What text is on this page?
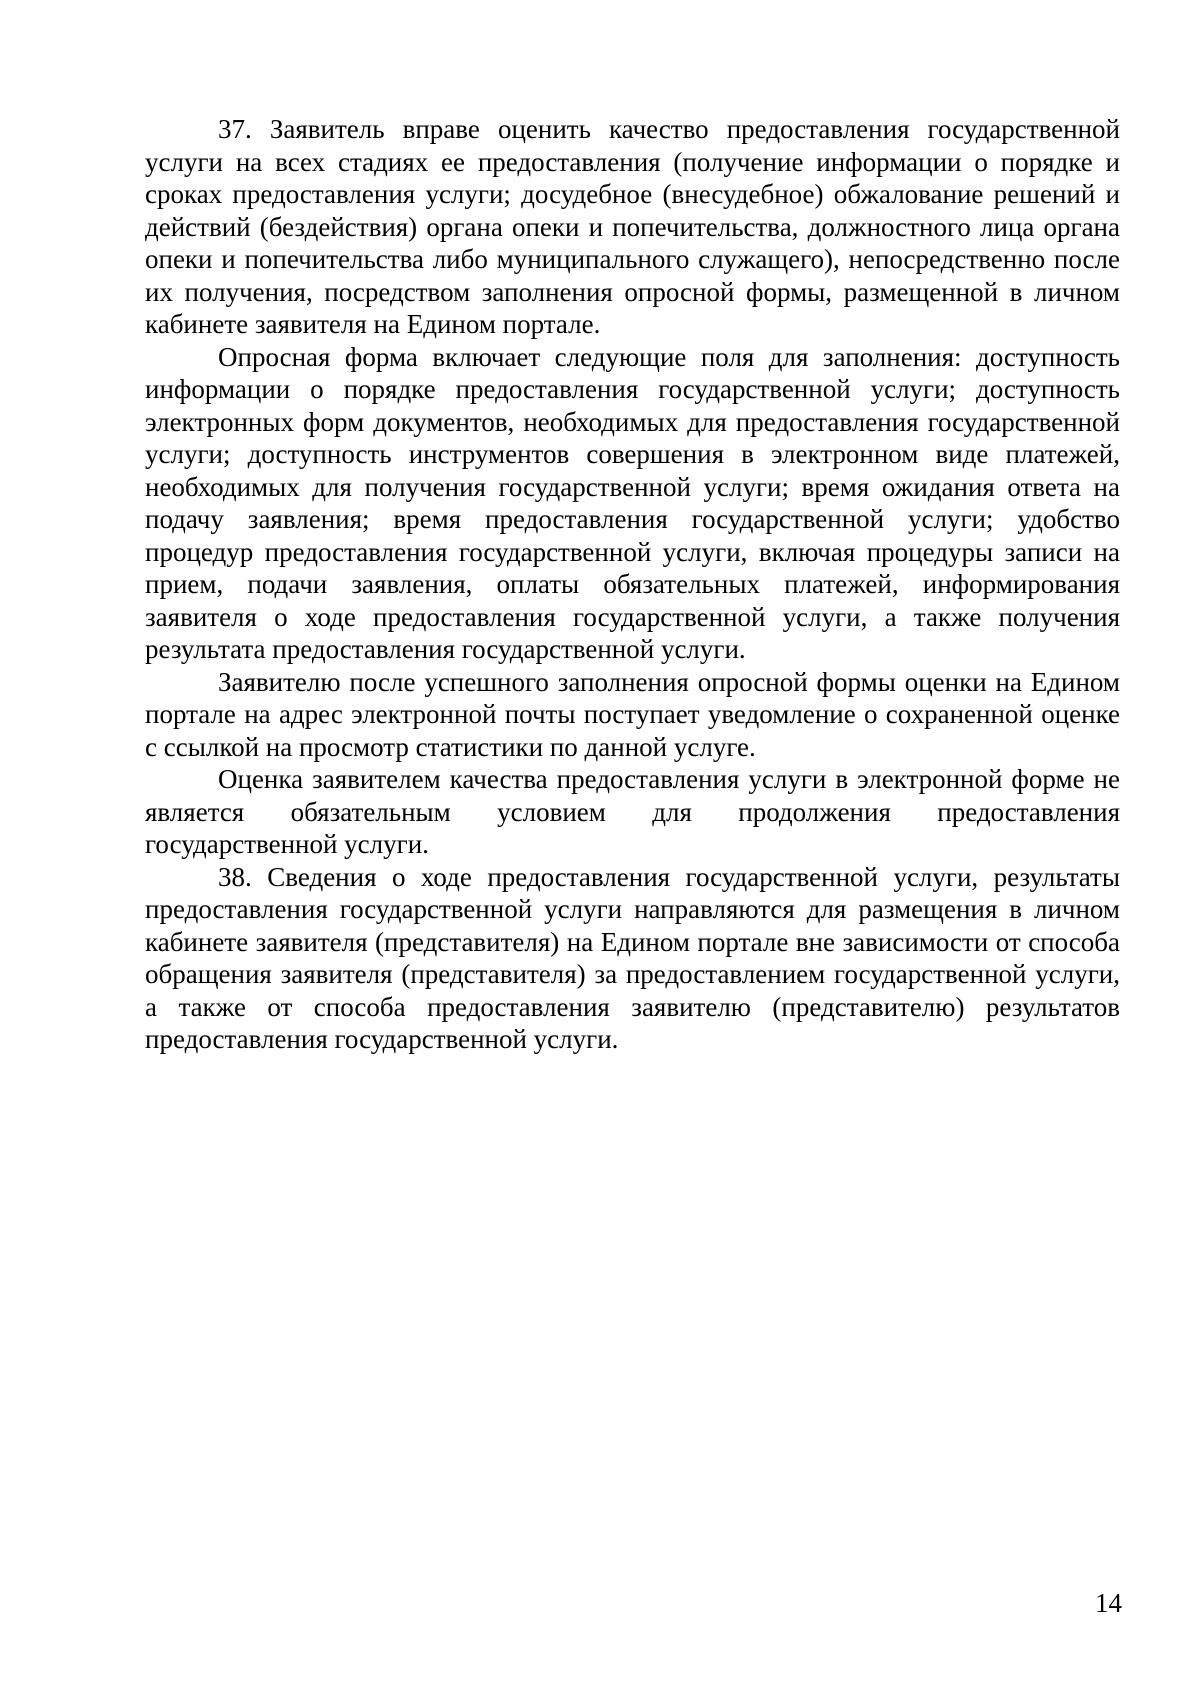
37. Заявитель вправе оценить качество предоставления государственной услуги на всех стадиях ее предоставления (получение информации о порядке и сроках предоставления услуги; досудебное (внесудебное) обжалование решений и действий (бездействия) органа опеки и попечительства, должностного лица органа опеки и попечительства либо муниципального служащего), непосредственно после их получения, посредством заполнения опросной формы, размещенной в личном кабинете заявителя на Едином портале.

Опросная форма включает следующие поля для заполнения: доступность информации о порядке предоставления государственной услуги; доступность электронных форм документов, необходимых для предоставления государственной услуги; доступность инструментов совершения в электронном виде платежей, необходимых для получения государственной услуги; время ожидания ответа на подачу заявления; время предоставления государственной услуги; удобство процедур предоставления государственной услуги, включая процедуры записи на прием, подачи заявления, оплаты обязательных платежей, информирования заявителя о ходе предоставления государственной услуги, а также получения результата предоставления государственной услуги.

Заявителю после успешного заполнения опросной формы оценки на Едином портале на адрес электронной почты поступает уведомление о сохраненной оценке с ссылкой на просмотр статистики по данной услуге.

Оценка заявителем качества предоставления услуги в электронной форме не является обязательным условием для продолжения предоставления государственной услуги.

38. Сведения о ходе предоставления государственной услуги, результаты предоставления государственной услуги направляются для размещения в личном кабинете заявителя (представителя) на Едином портале вне зависимости от способа обращения заявителя (представителя) за предоставлением государственной услуги, а также от способа предоставления заявителю (представителю) результатов предоставления государственной услуги.

14
